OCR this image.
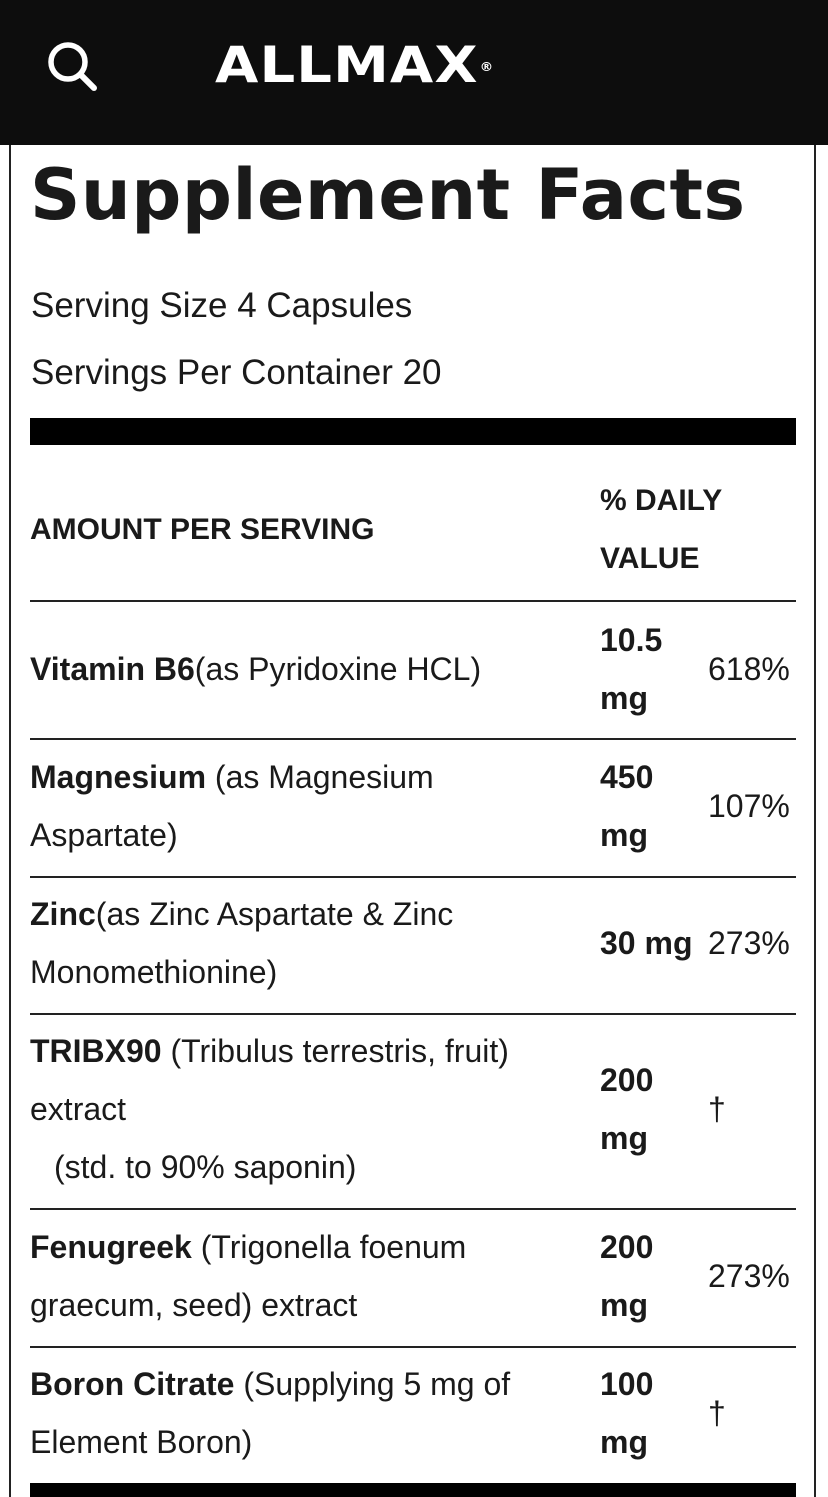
ALLMAX®
Supplement Facts
Serving Size 4 Capsules
Servings Per Container 20
AMOUNT PER SERVING
% DAILY
VALUE
Vitamin B6(as Pyridoxine HCL)
10.5
mg
618%
Magnesium (as Magnesium
Aspartate)
450
mg
107%
Zinc(as Zinc Aspartate & Zinc
Monomethionine)
30 mg 273%
TRIBX90 (Tribulus terrestris, fruit)
extract
(std. to 90% saponin)
200
mg
†
Fenugreek (Trigonella foenum
graecum, seed) extract
200
mg
273%
Boron Citrate (Supplying 5 mg of
Element Boron)
100
mg
†
